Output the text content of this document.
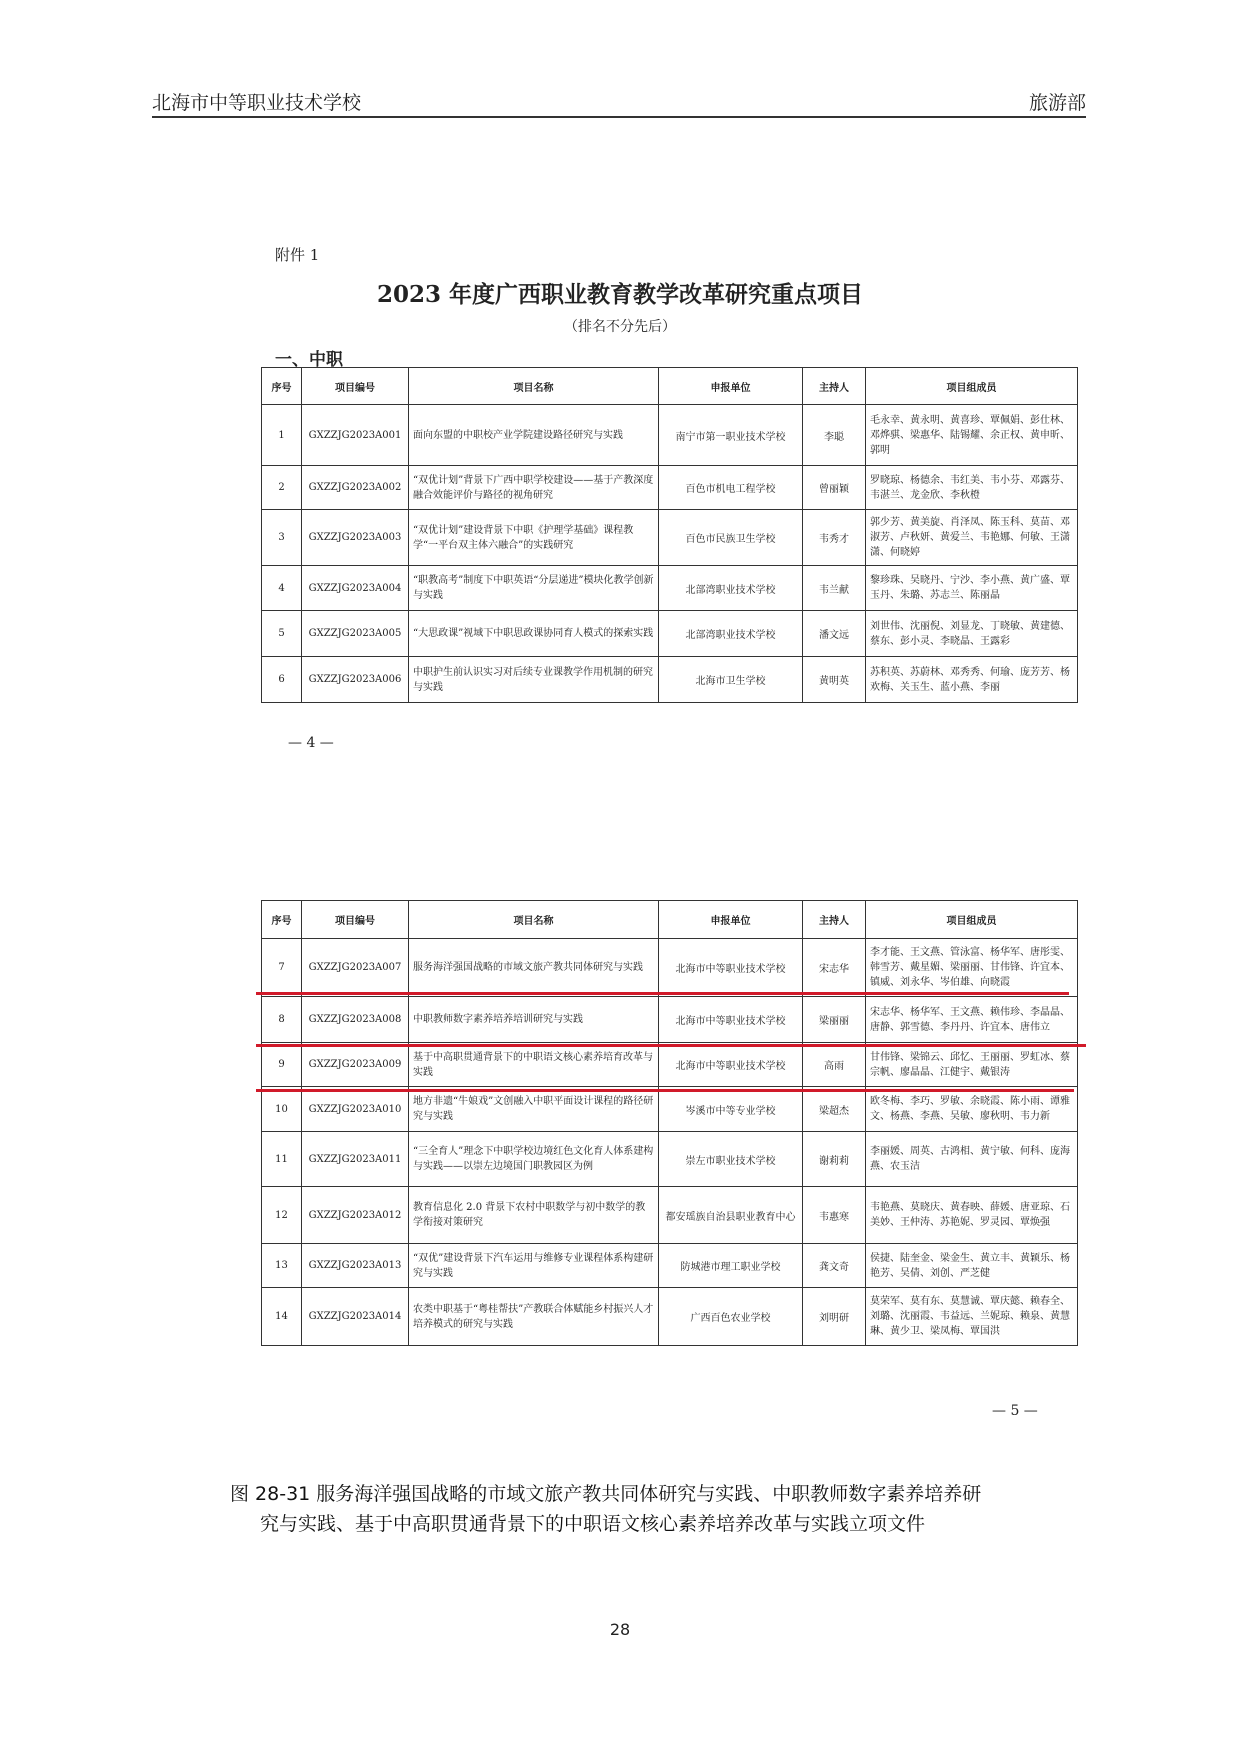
北海市中等职业技术学校	旅游部
附件 1
2023 年度广西职业教育教学改革研究重点项目
（排名不分先后）
一、中职
序号	项目编号	项目名称	申报单位	主持人	项目组成员
1	GXZZJG2023A001	面向东盟的中职校产业学院建设路径研究与实践	南宁市第一职业技术学校	李聪	毛永幸、黄永明、黄喜珍、覃佩娟、彭仕林、邓烨骐、梁惠华、陆锡耀、余正权、黄申昕、郭明
2	GXZZJG2023A002	“双优计划”背景下广西中职学校建设——基于产教深度融合效能评价与路径的视角研究	百色市机电工程学校	曾丽颖	罗晓琼、杨德余、韦红美、韦小芬、邓露芬、韦湛兰、龙金欣、李秋橙
3	GXZZJG2023A003	“双优计划”建设背景下中职《护理学基础》课程教学“一平台双主体六融合”的实践研究	百色市民族卫生学校	韦秀才	郭少芳、黄美旋、肖泽凤、陈玉科、莫苗、邓淑芳、卢秋妍、黄爱兰、韦艳娜、何敏、王潇潇、何晓婷
4	GXZZJG2023A004	“职教高考”制度下中职英语“分层递进”模块化教学创新与实践	北部湾职业技术学校	韦兰献	黎珍珠、吴晓丹、宁沙、李小燕、黄广盛、覃玉丹、朱璐、苏志兰、陈丽晶
5	GXZZJG2023A005	“大思政课”视域下中职思政课协同育人模式的探索实践	北部湾职业技术学校	潘文远	刘世伟、沈丽倪、刘显龙、丁晓敏、黄建德、蔡东、彭小灵、李晓晶、王露彩
6	GXZZJG2023A006	中职护生前认识实习对后续专业课教学作用机制的研究与实践	北海市卫生学校	黄明英	苏积英、苏蔚林、邓秀秀、何瑜、庞芳芳、杨欢梅、关玉生、蓝小燕、李丽
— 4 —
序号	项目编号	项目名称	申报单位	主持人	项目组成员
7	GXZZJG2023A007	服务海洋强国战略的市域文旅产教共同体研究与实践	北海市中等职业技术学校	宋志华	李才能、王文燕、管泳富、杨华军、唐彤雯、韩雪芳、戴星媚、梁丽丽、甘伟锋、许宜本、镇威、刘永华、岑伯雄、向晓霞
8	GXZZJG2023A008	中职教师数字素养培养培训研究与实践	北海市中等职业技术学校	梁丽丽	宋志华、杨华军、王文燕、赖伟珍、李晶晶、唐静、郭雪德、李丹丹、许宜本、唐伟立
9	GXZZJG2023A009	基于中高职贯通背景下的中职语文核心素养培育改革与实践	北海市中等职业技术学校	高雨	甘伟锋、梁锦云、邱忆、王丽丽、罗虹冰、蔡宗帆、廖晶晶、江健宇、戴银涛
10	GXZZJG2023A010	地方非遗“牛娘戏”文创融入中职平面设计课程的路径研究与实践	岑溪市中等专业学校	梁超杰	欧冬梅、李巧、罗敏、余晓霞、陈小雨、谭雅文、杨燕、李燕、吴敏、廖秋明、韦力新
11	GXZZJG2023A011	“三全育人”理念下中职学校边境红色文化育人体系建构与实践——以崇左边境国门职教园区为例	崇左市职业技术学校	谢莉莉	李丽媛、周英、古鸿相、黄宁敏、何科、庞海燕、农玉洁
12	GXZZJG2023A012	教育信息化 2.0 背景下农村中职数学与初中数学的教学衔接对策研究	都安瑶族自治县职业教育中心	韦惠寒	韦艳燕、莫晓庆、黄春映、薛媛、唐亚琼、石美妙、王仲涛、苏艳妮、罗灵园、覃焕强
13	GXZZJG2023A013	“双优”建设背景下汽车运用与维修专业课程体系构建研究与实践	防城港市理工职业学校	龚文奇	侯捷、陆奎金、梁金生、黄立丰、黄颖乐、杨艳芳、吴倩、刘创、严芝健
14	GXZZJG2023A014	农类中职基于“粤桂帮扶”产教联合体赋能乡村振兴人才培养模式的研究与实践	广西百色农业学校	刘明研	莫荣军、莫有东、莫慧诚、覃庆懿、赖春全、刘璐、沈丽霞、韦益远、兰妮琼、赖泉、黄慧琳、黄少卫、梁凤梅、覃国洪
— 5 —
图 28-31 服务海洋强国战略的市域文旅产教共同体研究与实践、中职教师数字素养培养研
究与实践、基于中高职贯通背景下的中职语文核心素养培养改革与实践立项文件
28
